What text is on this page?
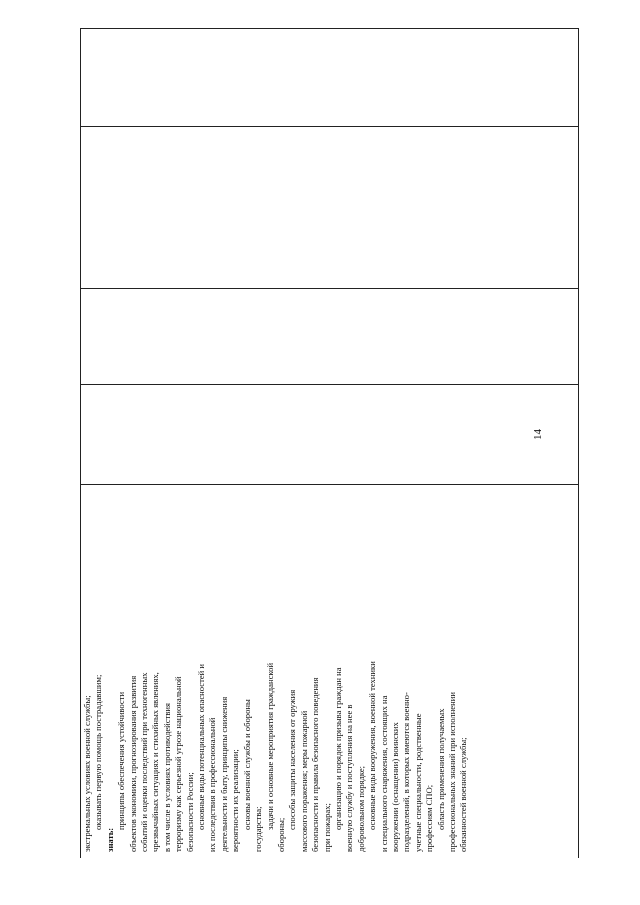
экстремальных условиях военной службы; оказывать первую помощь пострадавшим;
знать:
принципы обеспечения устойчивости объектов экономики, прогнозирования развития событий и оценки последствий при техногенных чрезвычайных ситуациях и стихийных явлениях, в том числе в условиях противодействия терроризму как серьезной угрозе национальной безопасности России; основные виды потенциальных опасностей и их последствия в профессиональной деятельности и быту, принципы снижения вероятности их реализации; основы военной службы и обороны государства; задачи и основные мероприятия гражданской
обороны;
способы защиты населения от оружия массового поражения; меры пожарной безопасности и правила безопасного поведения при пожарах; организацию и порядок призыва граждан на военную службу и поступления на нее в добровольном порядке; основные виды вооружения, военной техники и специального снаряжения, состоящих на вооружении (оснащении) воинских подразделений, в которых имеются военно- учетные специальности, родственные профессиям СПО; область применения получаемых профессиональных знаний при исполнении обязанностей военной службы;
14
